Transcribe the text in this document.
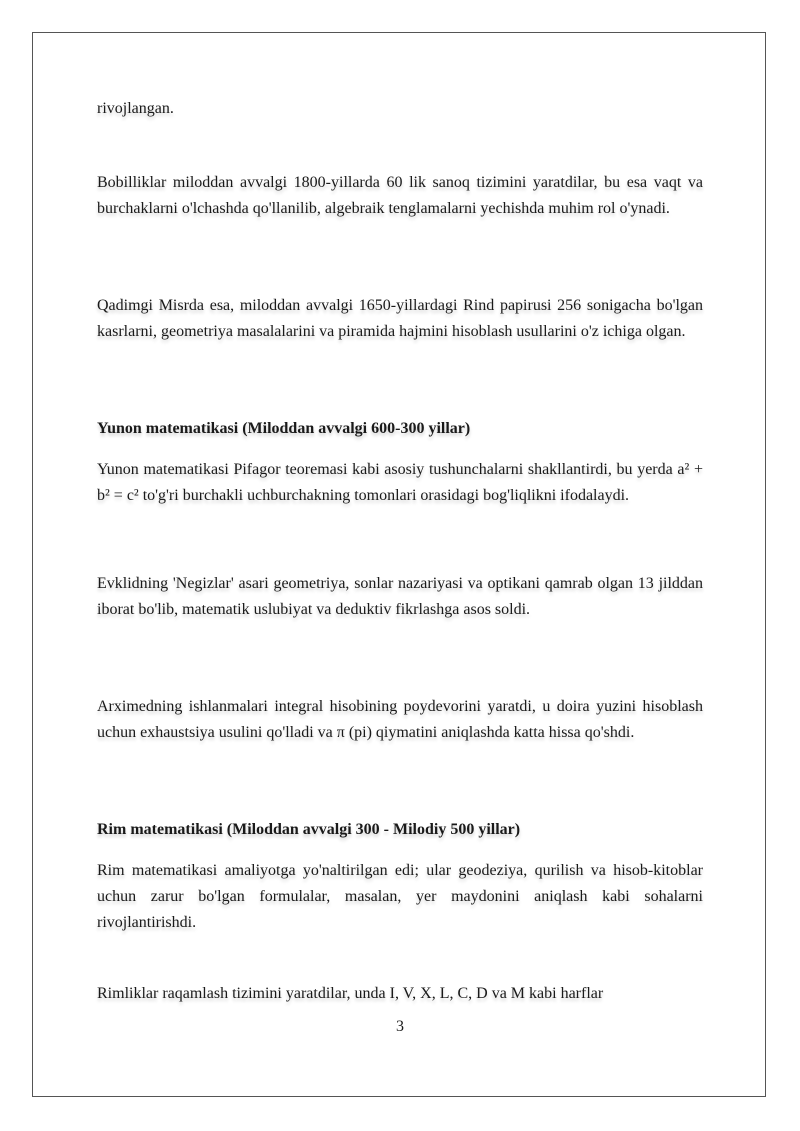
rivojlangan.

Bobilliklar miloddan avvalgi 1800-yillarda 60 lik sanoq tizimini yaratdilar, bu esa vaqt va burchaklarni o'lchashda qo'llanilib, algebraik tenglamalarni yechishda muhim rol o'ynadi.

Qadimgi Misrda esa, miloddan avvalgi 1650-yillardagi Rind papirusi 256 sonigacha bo'lgan kasrlarni, geometriya masalalarini va piramida hajmini hisoblash usullarini o'z ichiga olgan.

Yunon matematikasi (Miloddan avvalgi 600-300 yillar)

Yunon matematikasi Pifagor teoremasi kabi asosiy tushunchalarni shakllantirdi, bu yerda a² + b² = c² to'g'ri burchakli uchburchakning tomonlari orasidagi bog'liqlikni ifodalaydi.

Evklidning 'Negizlar' asari geometriya, sonlar nazariyasi va optikani qamrab olgan 13 jilddan iborat bo'lib, matematik uslubiyat va deduktiv fikrlashga asos soldi.

Arximedning ishlanmalari integral hisobining poydevorini yaratdi, u doira yuzini hisoblash uchun exhaustsiya usulini qo'lladi va π (pi) qiymatini aniqlashda katta hissa qo'shdi.

Rim matematikasi (Miloddan avvalgi 300 - Milodiy 500 yillar)

Rim matematikasi amaliyotga yo'naltirilgan edi; ular geodeziya, qurilish va hisob-kitoblar uchun zarur bo'lgan formulalar, masalan, yer maydonini aniqlash kabi sohalarni rivojlantirishdi.

Rimliklar raqamlash tizimini yaratdilar, unda I, V, X, L, C, D va M kabi harflar

3
